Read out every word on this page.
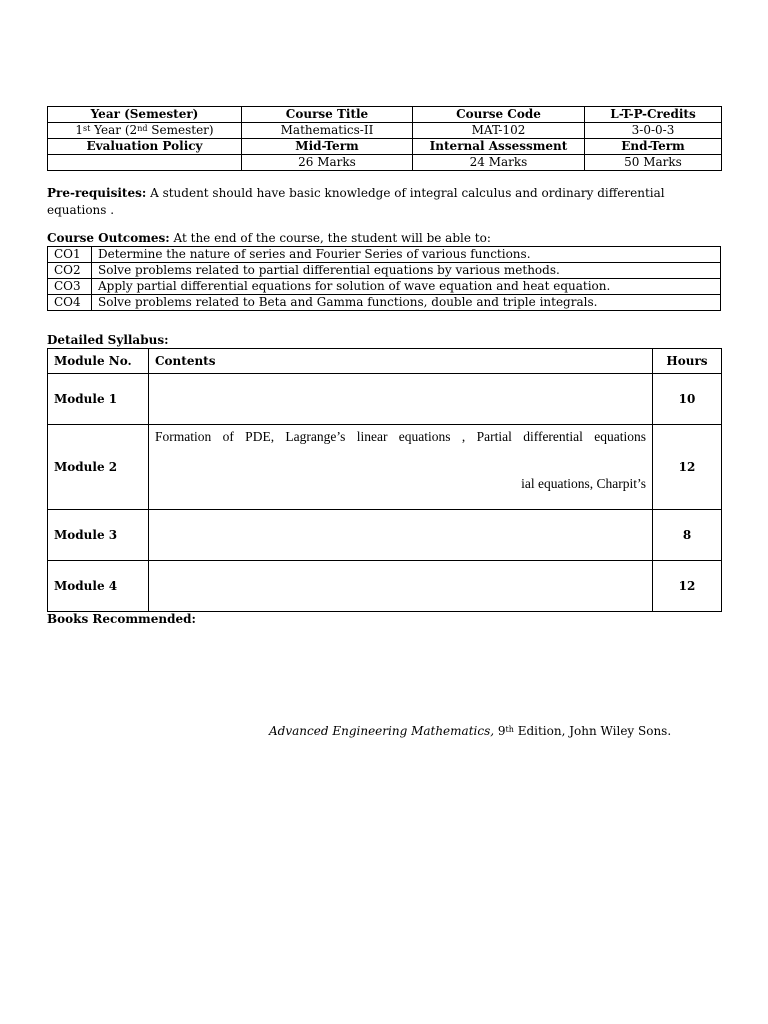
Year (Semester)	Course Title	Course Code	L-T-P-Credits
1st Year (2nd Semester)	Mathematics-II	MAT-102	3-0-0-3
Evaluation Policy	Mid-Term	Internal Assessment	End-Term
	26 Marks	24 Marks	50 Marks
Pre-requisites: A student should have basic knowledge of integral calculus and ordinary differential equations .
Course Outcomes: At the end of the course, the student will be able to:
CO1	Determine the nature of series and Fourier Series of various functions.
CO2	Solve problems related to partial differential equations by various methods.
CO3	Apply partial differential equations for solution of wave equation and heat equation.
CO4	Solve problems related to Beta and Gamma functions, double and triple integrals.
Detailed Syllabus:
Module No.	Contents	Hours
Module 1		10
Module 2	Formation of PDE, Lagrange’s linear equations , Partial differential equations
ial equations, Charpit’s	12
Module 3		8
Module 4		12
Books Recommended:
Advanced Engineering Mathematics, 9th Edition, John Wiley Sons.
